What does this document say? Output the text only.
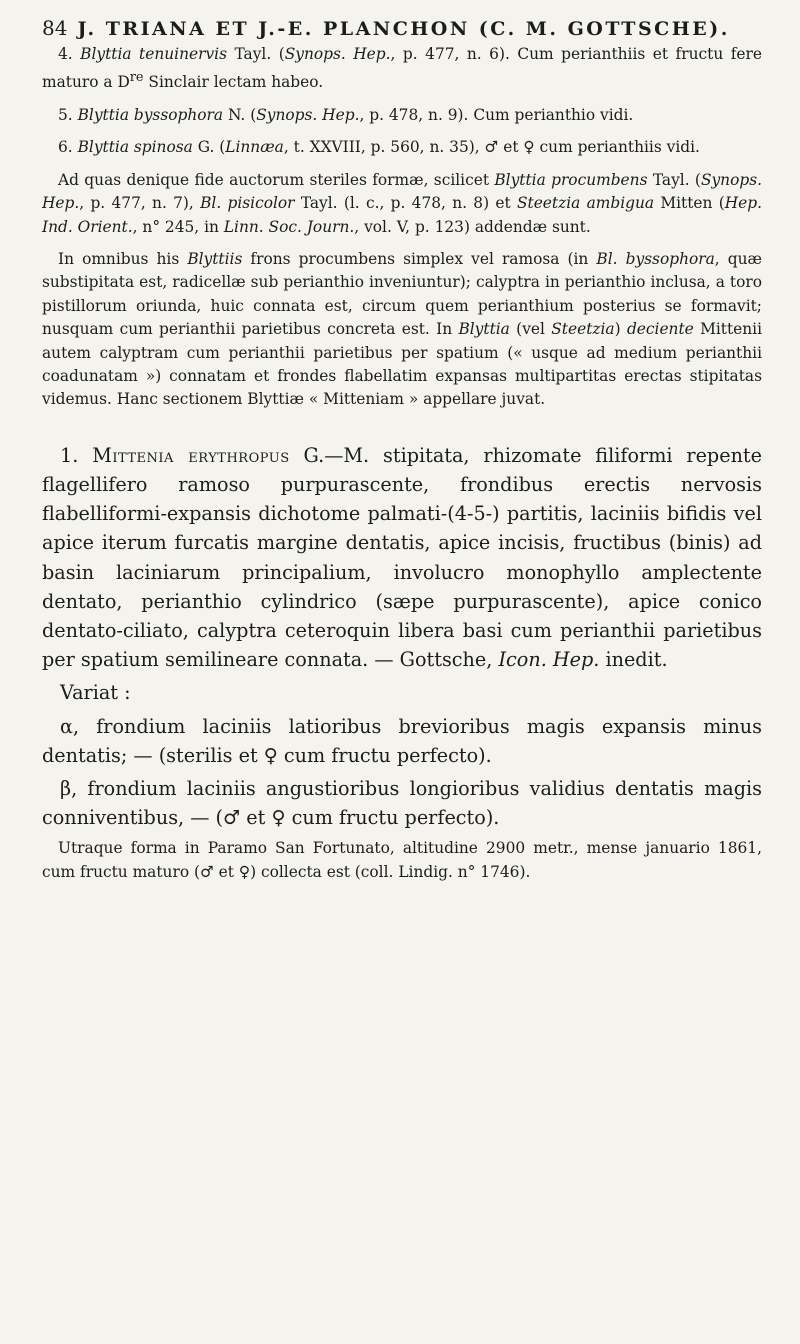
84 J. TRIANA ET J.-E. PLANCHON (C. M. GOTTSCHE).

4. Blyttia tenuinervis Tayl. (Synops. Hep., p. 477, n. 6). Cum perianthiis et fructu fere maturo a Dre Sinclair lectam habeo.

5. Blyttia byssophora N. (Synops. Hep., p. 478, n. 9). Cum perianthio vidi.

6. Blyttia spinosa G. (Linnæa, t. XXVIII, p. 560, n. 35), ♂ et ♀ cum perianthiis vidi.

Ad quas denique fide auctorum steriles formæ, scilicet Blyttia procumbens Tayl. (Synops. Hep., p. 477, n. 7), Bl. pisicolor Tayl. (l. c., p. 478, n. 8) et Steetzia ambigua Mitten (Hep. Ind. Orient., n° 245, in Linn. Soc. Journ., vol. V, p. 123) addendæ sunt.

In omnibus his Blyttiis frons procumbens simplex vel ramosa (in Bl. byssophora, quæ substipitata est, radicellæ sub perianthio inveniuntur); calyptra in perianthio inclusa, a toro pistillorum oriunda, huic connata est, circum quem perianthium posterius se formavit; nusquam cum perianthii parietibus concreta est. In Blyttia (vel Steetzia) deciente Mittenii autem calyptram cum perianthii parietibus per spatium (« usque ad medium perianthii coadunatam ») connatam et frondes flabellatim expansas multipartitas erectas stipitatas videmus. Hanc sectionem Blyttiæ « Mitteniam » appellare juvat.

1. Mittenia erythropus G.—M. stipitata, rhizomate filiformi repente flagellifero ramoso purpurascente, frondibus erectis nervosis flabelliformi-expansis dichotome palmati-(4-5-) partitis, laciniis bifidis vel apice iterum furcatis margine dentatis, apice incisis, fructibus (binis) ad basin laciniarum principalium, involucro monophyllo amplectente dentato, perianthio cylindrico (sæpe purpurascente), apice conico dentato-ciliato, calyptra ceteroquin libera basi cum perianthii parietibus per spatium semilineare connata. — Gottsche, Icon. Hep. inedit.

Variat :

α, frondium laciniis latioribus brevioribus magis expansis minus dentatis; — (sterilis et ♀ cum fructu perfecto).

β, frondium laciniis angustioribus longioribus validius dentatis magis conniventibus, — (♂ et ♀ cum fructu perfecto).

Utraque forma in Paramo San Fortunato, altitudine 2900 metr., mense januario 1861, cum fructu maturo (♂ et ♀) collecta est (coll. Lindig. n° 1746).
